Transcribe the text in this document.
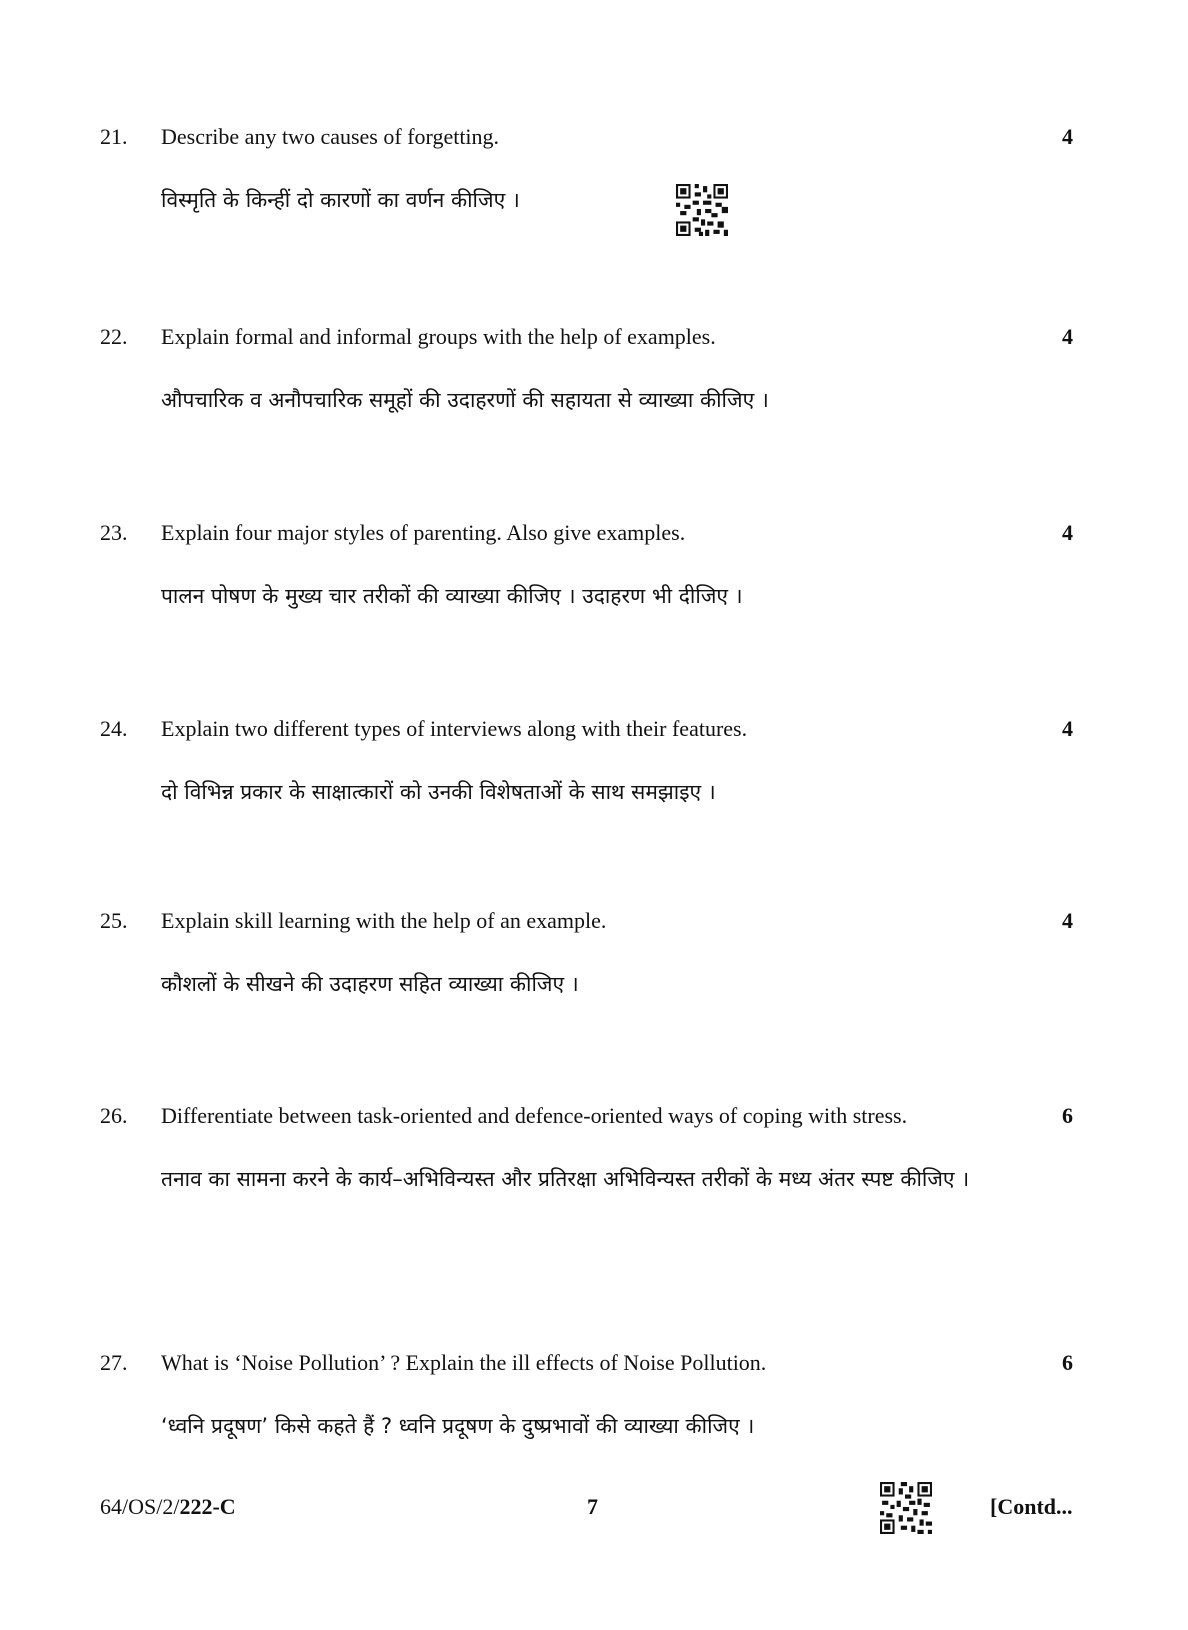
21. Describe any two causes of forgetting.	4
विस्मृति के किन्हीं दो कारणों का वर्णन कीजिए ।
22. Explain formal and informal groups with the help of examples.	4
औपचारिक व अनौपचारिक समूहों की उदाहरणों की सहायता से व्याख्या कीजिए ।
23. Explain four major styles of parenting. Also give examples.	4
पालन पोषण के मुख्य चार तरीकों की व्याख्या कीजिए । उदाहरण भी दीजिए ।
24. Explain two different types of interviews along with their features.	4
दो विभिन्न प्रकार के साक्षात्कारों को उनकी विशेषताओं के साथ समझाइए ।
25. Explain skill learning with the help of an example.	4
कौशलों के सीखने की उदाहरण सहित व्याख्या कीजिए ।
26. Differentiate between task-oriented and defence-oriented ways of coping with stress.	6
तनाव का सामना करने के कार्य–अभिविन्यस्त और प्रतिरक्षा अभिविन्यस्त तरीकों के मध्य अंतर स्पष्ट कीजिए ।
27. What is ‘Noise Pollution’ ? Explain the ill effects of Noise Pollution.	6
‘ध्वनि प्रदूषण’ किसे कहते हैं ? ध्वनि प्रदूषण के दुष्प्रभावों की व्याख्या कीजिए ।
64/OS/2/222-C	7	[Contd...
